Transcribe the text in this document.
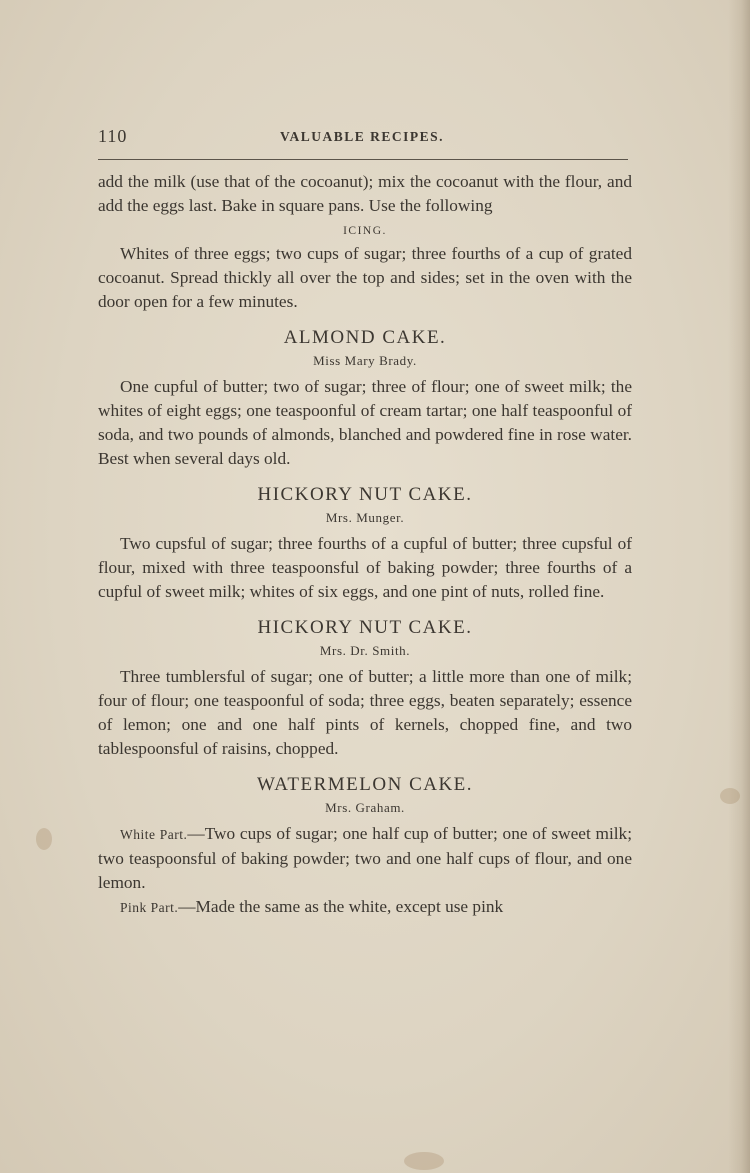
110	VALUABLE RECIPES.

add the milk (use that of the cocoanut); mix the cocoanut with the flour, and add the eggs last. Bake in square pans. Use the following

ICING.

Whites of three eggs; two cups of sugar; three fourths of a cup of grated cocoanut. Spread thickly all over the top and sides; set in the oven with the door open for a few minutes.

ALMOND CAKE.
Miss Mary Brady.

One cupful of butter; two of sugar; three of flour; one of sweet milk; the whites of eight eggs; one teaspoonful of cream tartar; one half teaspoonful of soda, and two pounds of almonds, blanched and powdered fine in rose water. Best when several days old.

HICKORY NUT CAKE.
Mrs. Munger.

Two cupsful of sugar; three fourths of a cupful of butter; three cupsful of flour, mixed with three teaspoonsful of baking powder; three fourths of a cupful of sweet milk; whites of six eggs, and one pint of nuts, rolled fine.

HICKORY NUT CAKE.
Mrs. Dr. Smith.

Three tumblersful of sugar; one of butter; a little more than one of milk; four of flour; one teaspoonful of soda; three eggs, beaten separately; essence of lemon; one and one half pints of kernels, chopped fine, and two tablespoonsful of raisins, chopped.

WATERMELON CAKE.
Mrs. Graham.

White Part.—Two cups of sugar; one half cup of butter; one of sweet milk; two teaspoonsful of baking powder; two and one half cups of flour, and one lemon.

Pink Part.—Made the same as the white, except use pink
